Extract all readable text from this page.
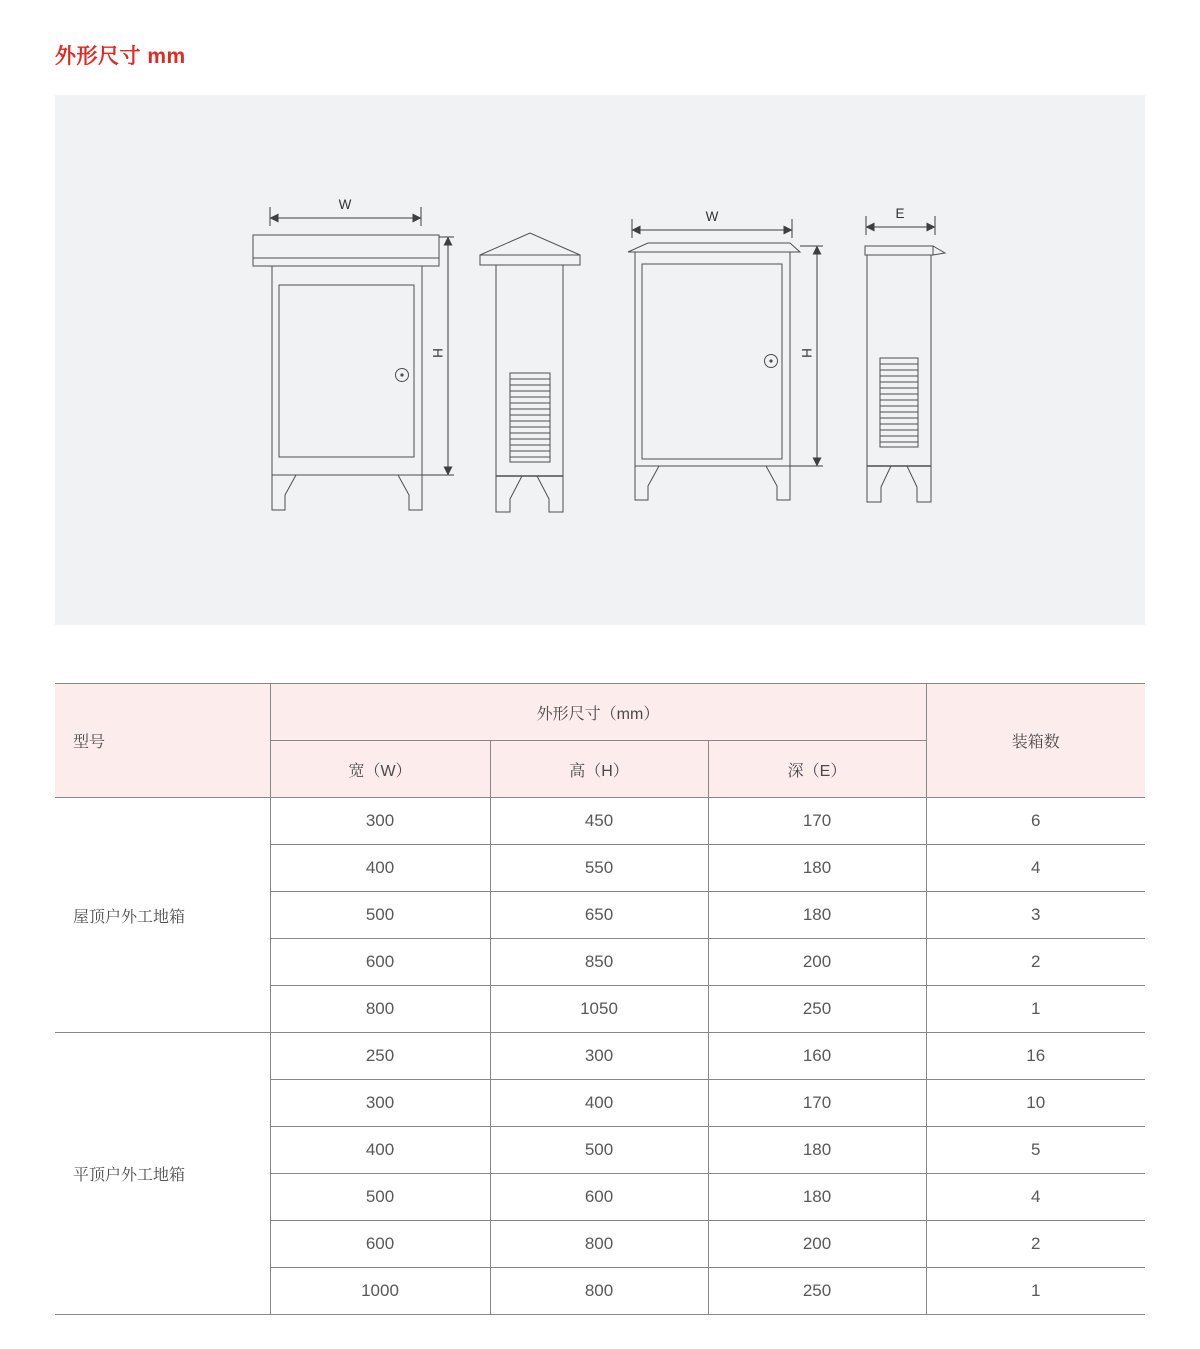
外形尺寸 mm
W
H
W
H
E
型号	外形尺寸（mm）			装箱数
	宽（W）	高（H）	深（E）	
屋顶户外工地箱	300	450	170	6
	400	550	180	4
	500	650	180	3
	600	850	200	2
	800	1050	250	1
平顶户外工地箱	250	300	160	16
	300	400	170	10
	400	500	180	5
	500	600	180	4
	600	800	200	2
	1000	800	250	1
